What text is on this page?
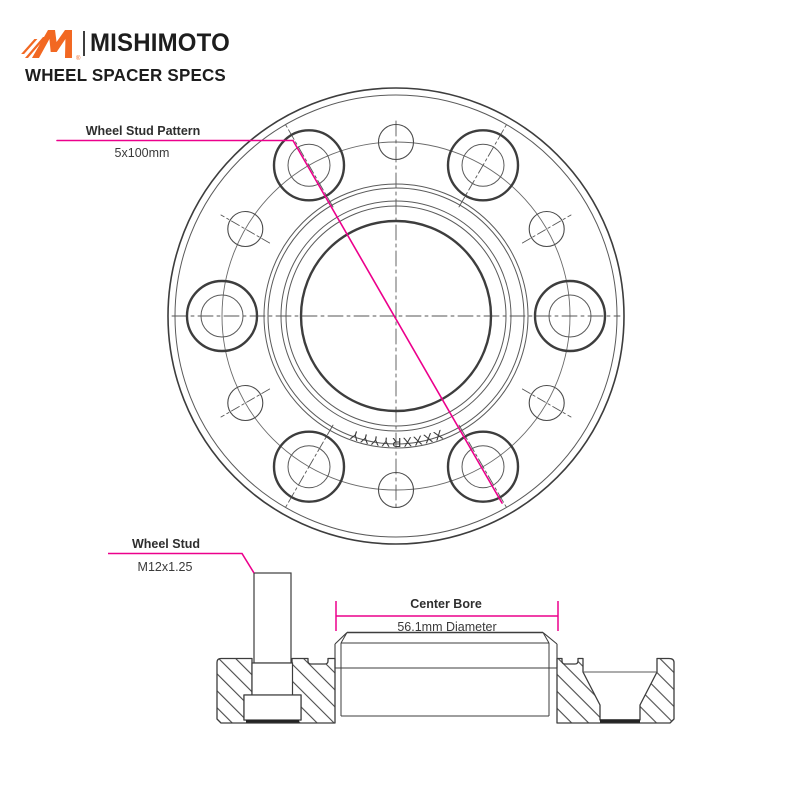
®
MISHIMOTO
WHEEL SPACER SPECS
XXXXRYYYY
Wheel Stud Pattern
5x100mm
Wheel Stud
M12x1.25
Center Bore
56.1mm Diameter
